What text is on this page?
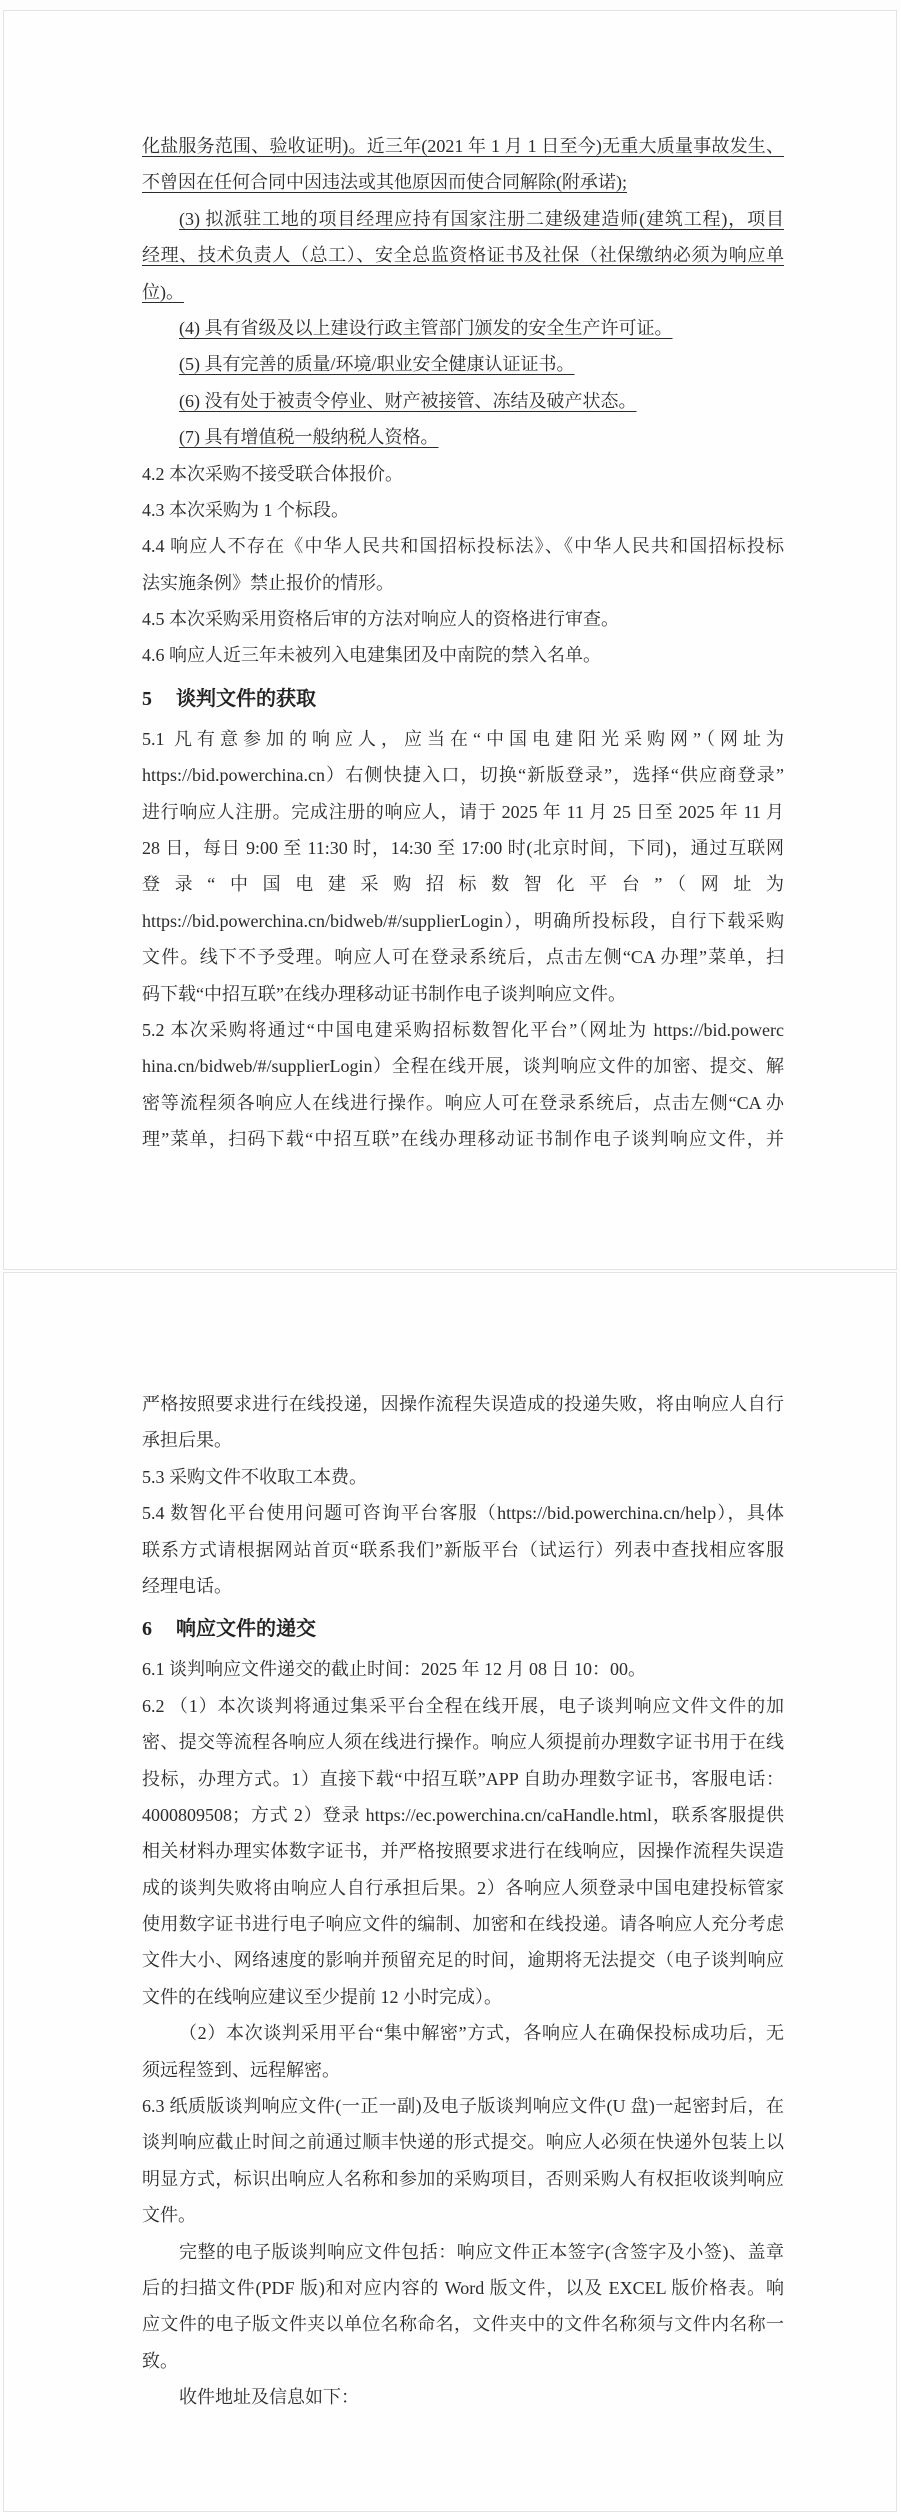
化盐服务范围、验收证明)。近三年(2021 年 1 月 1 日至今)无重大质量事故发生、
不曾因在任何合同中因违法或其他原因而使合同解除(附承诺);
(3) 拟派驻工地的项目经理应持有国家注册二建级建造师(建筑工程)，项目
经理、技术负责人（总工）、安全总监资格证书及社保（社保缴纳必须为响应单
位)。
(4) 具有省级及以上建设行政主管部门颁发的安全生产许可证。
(5) 具有完善的质量/环境/职业安全健康认证证书。
(6) 没有处于被责令停业、财产被接管、冻结及破产状态。
(7) 具有增值税一般纳税人资格。
4.2 本次采购不接受联合体报价。
4.3 本次采购为 1 个标段。
4.4 响应人不存在《中华人民共和国招标投标法》、《中华人民共和国招标投标
法实施条例》禁止报价的情形。
4.5 本次采购采用资格后审的方法对响应人的资格进行审查。
4.6 响应人近三年未被列入电建集团及中南院的禁入名单。
5 谈判文件的获取
5.1 凡有意参加的响应人，应当在“中国电建阳光采购网”（网址为
https://bid.powerchina.cn）右侧快捷入口，切换“新版登录”，选择“供应商登录”
进行响应人注册。完成注册的响应人，请于 2025 年 11 月 25 日至 2025 年 11 月
28 日，每日 9:00 至 11:30 时，14:30 至 17:00 时(北京时间，下同)，通过互联网
登录“中国电建采购招标数智化平台”（网址为
https://bid.powerchina.cn/bidweb/#/supplierLogin），明确所投标段，自行下载采购
文件。线下不予受理。响应人可在登录系统后，点击左侧“CA 办理”菜单，扫
码下载“中招互联”在线办理移动证书制作电子谈判响应文件。
5.2 本次采购将通过“中国电建采购招标数智化平台”（网址为 https://bid.powerc
hina.cn/bidweb/#/supplierLogin）全程在线开展，谈判响应文件的加密、提交、解
密等流程须各响应人在线进行操作。响应人可在登录系统后，点击左侧“CA 办
理”菜单，扫码下载“中招互联”在线办理移动证书制作电子谈判响应文件，并
严格按照要求进行在线投递，因操作流程失误造成的投递失败，将由响应人自行
承担后果。
5.3 采购文件不收取工本费。
5.4 数智化平台使用问题可咨询平台客服（https://bid.powerchina.cn/help），具体
联系方式请根据网站首页“联系我们”新版平台（试运行）列表中查找相应客服
经理电话。
6 响应文件的递交
6.1 谈判响应文件递交的截止时间：2025 年 12 月 08 日 10：00。
6.2 （1）本次谈判将通过集采平台全程在线开展，电子谈判响应文件文件的加
密、提交等流程各响应人须在线进行操作。响应人须提前办理数字证书用于在线
投标，办理方式。1）直接下载“中招互联”APP 自助办理数字证书，客服电话：
4000809508；方式 2）登录 https://ec.powerchina.cn/caHandle.html，联系客服提供
相关材料办理实体数字证书，并严格按照要求进行在线响应，因操作流程失误造
成的谈判失败将由响应人自行承担后果。2）各响应人须登录中国电建投标管家
使用数字证书进行电子响应文件的编制、加密和在线投递。请各响应人充分考虑
文件大小、网络速度的影响并预留充足的时间，逾期将无法提交（电子谈判响应
文件的在线响应建议至少提前 12 小时完成）。
（2）本次谈判采用平台“集中解密”方式，各响应人在确保投标成功后，无
须远程签到、远程解密。
6.3 纸质版谈判响应文件(一正一副)及电子版谈判响应文件(U 盘)一起密封后，在
谈判响应截止时间之前通过顺丰快递的形式提交。响应人必须在快递外包装上以
明显方式，标识出响应人名称和参加的采购项目，否则采购人有权拒收谈判响应
文件。
完整的电子版谈判响应文件包括：响应文件正本签字(含签字及小签)、盖章
后的扫描文件(PDF 版)和对应内容的 Word 版文件，以及 EXCEL 版价格表。响
应文件的电子版文件夹以单位名称命名，文件夹中的文件名称须与文件内名称一
致。
收件地址及信息如下：
